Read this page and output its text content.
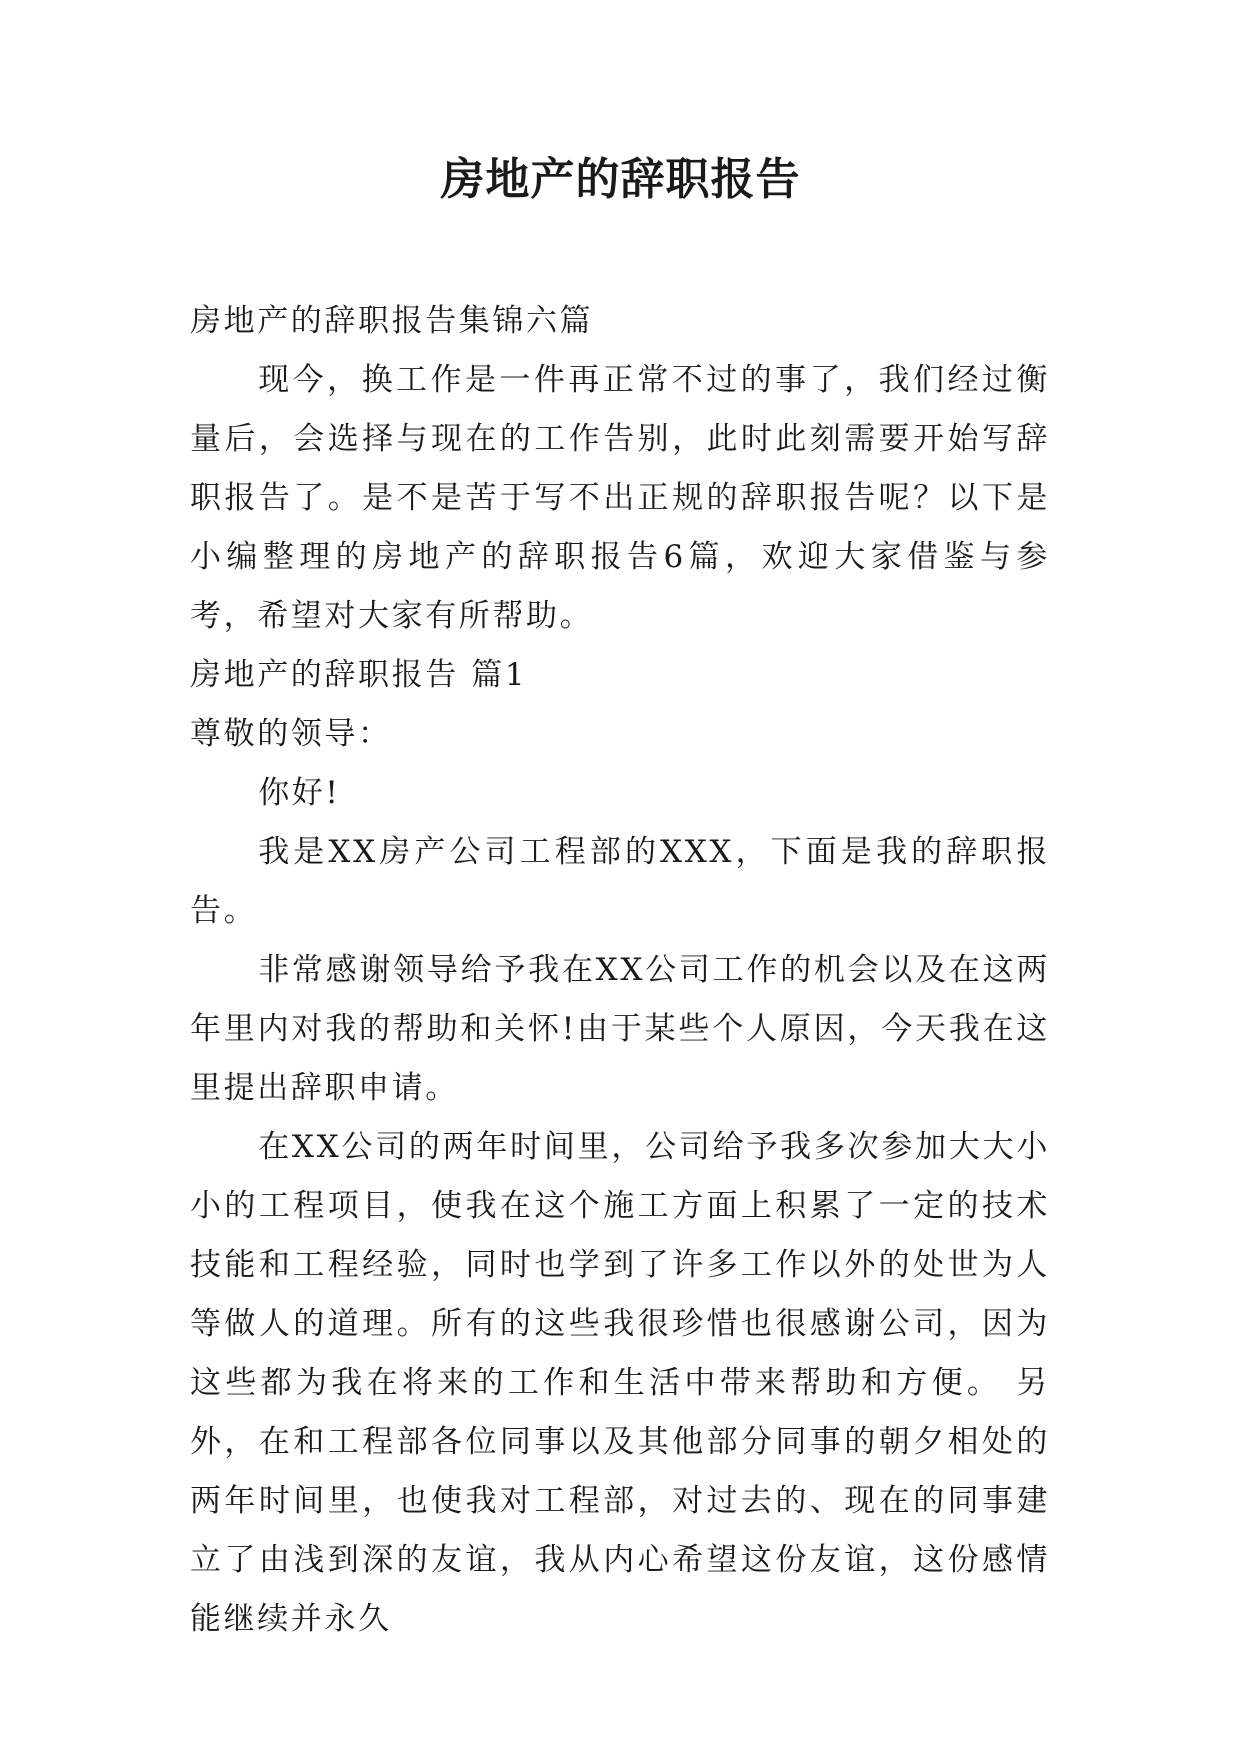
房地产的辞职报告

房地产的辞职报告集锦六篇

现今，换工作是一件再正常不过的事了，我们经过衡量后，会选择与现在的工作告别，此时此刻需要开始写辞职报告了。是不是苦于写不出正规的辞职报告呢？以下是小编整理的房地产的辞职报告6篇，欢迎大家借鉴与参考，希望对大家有所帮助。

房地产的辞职报告 篇1

尊敬的领导：

你好!

我是XX房产公司工程部的XXX，下面是我的辞职报告。

非常感谢领导给予我在XX公司工作的机会以及在这两年里内对我的帮助和关怀!由于某些个人原因，今天我在这里提出辞职申请。

在XX公司的两年时间里，公司给予我多次参加大大小小的工程项目，使我在这个施工方面上积累了一定的技术技能和工程经验，同时也学到了许多工作以外的处世为人等做人的道理。所有的这些我很珍惜也很感谢公司，因为这些都为我在将来的工作和生活中带来帮助和方便。 另外，在和工程部各位同事以及其他部分同事的朝夕相处的两年时间里，也使我对工程部，对过去的、现在的同事建立了由浅到深的友谊，我从内心希望这份友谊，这份感情能继续并永久
